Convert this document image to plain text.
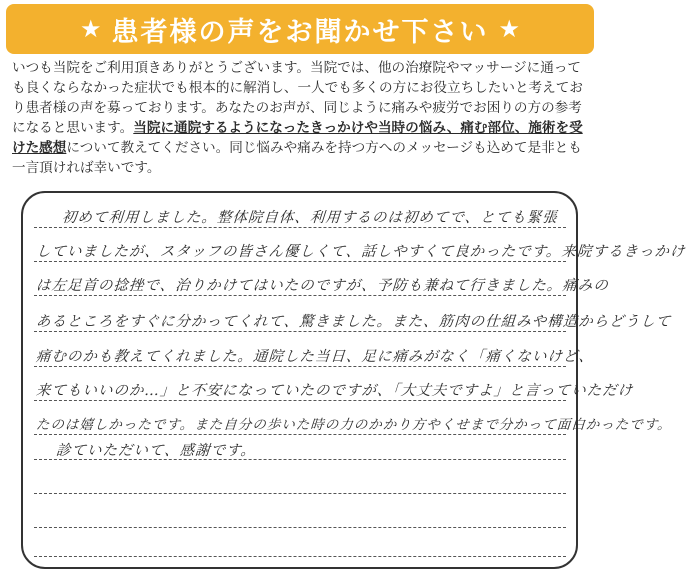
★ 患者様の声をお聞かせ下さい ★
いつも当院をご利用頂きありがとうございます。当院では、他の治療院やマッサージに通っても良くならなかった症状でも根本的に解消し、一人でも多くの方にお役立ちしたいと考えており患者様の声を募っております。あなたのお声が、同じように痛みや疲労でお困りの方の参考になると思います。当院に通院するようになったきっかけや当時の悩み、痛む部位、施術を受けた感想について教えてください。同じ悩みや痛みを持つ方へのメッセージも込めて是非とも一言頂ければ幸いです。
初めて利用しました。整体院自体、利用するのは初めてで、とても緊張
していましたが、スタッフの皆さん優しくて、話しやすくて良かったです。来院するきっかけ
は左足首の捻挫で、治りかけてはいたのですが、予防も兼ねて行きました。痛みの
あるところをすぐに分かってくれて、驚きました。また、筋肉の仕組みや構造からどうして
痛むのかも教えてくれました。通院した当日、足に痛みがなく「痛くないけど、
来てもいいのか…」と不安になっていたのですが、「大丈夫ですよ」と言っていただけ
たのは嬉しかったです。また自分の歩いた時の力のかかり方やくせまで分かって面白かったです。
診ていただいて、感謝です。
